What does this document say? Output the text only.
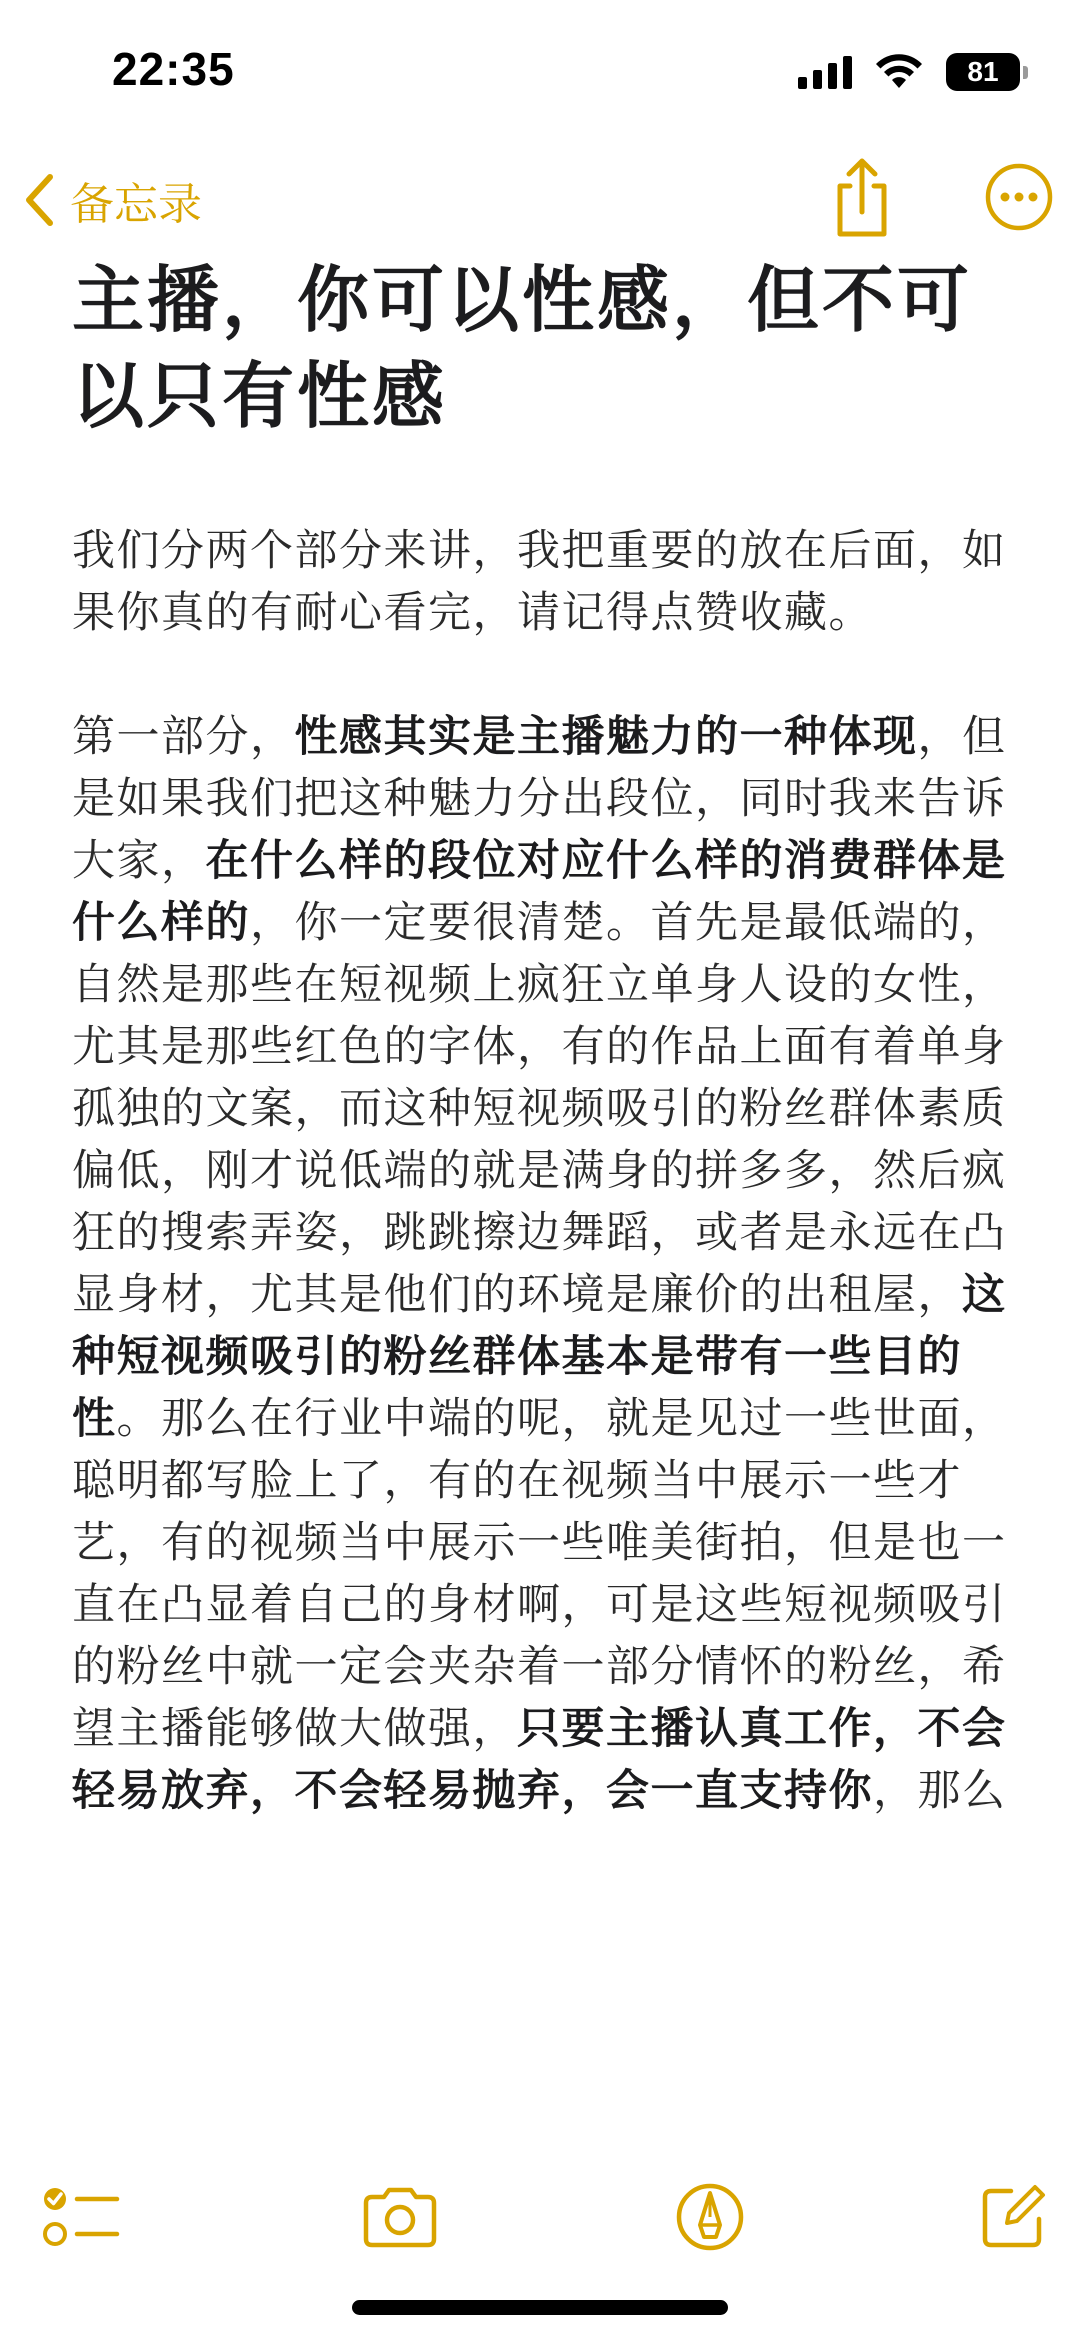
22:35	81
备忘录
主播，你可以性感，但不可以只有性感

我们分两个部分来讲，我把重要的放在后面，如果你真的有耐心看完，请记得点赞收藏。

第一部分，性感其实是主播魅力的一种体现，但是如果我们把这种魅力分出段位，同时我来告诉大家，在什么样的段位对应什么样的消费群体是什么样的，你一定要很清楚。首先是最低端的，自然是那些在短视频上疯狂立单身人设的女性，尤其是那些红色的字体，有的作品上面有着单身孤独的文案，而这种短视频吸引的粉丝群体素质偏低，刚才说低端的就是满身的拼多多，然后疯狂的搜索弄姿，跳跳擦边舞蹈，或者是永远在凸显身材，尤其是他们的环境是廉价的出租屋，这种短视频吸引的粉丝群体基本是带有一些目的性。那么在行业中端的呢，就是见过一些世面，聪明都写脸上了，有的在视频当中展示一些才艺，有的视频当中展示一些唯美街拍，但是也一直在凸显着自己的身材啊，可是这些短视频吸引的粉丝中就一定会夹杂着一部分情怀的粉丝，希望主播能够做大做强，只要主播认真工作，不会轻易放弃，不会轻易抛弃，会一直支持你，那么
